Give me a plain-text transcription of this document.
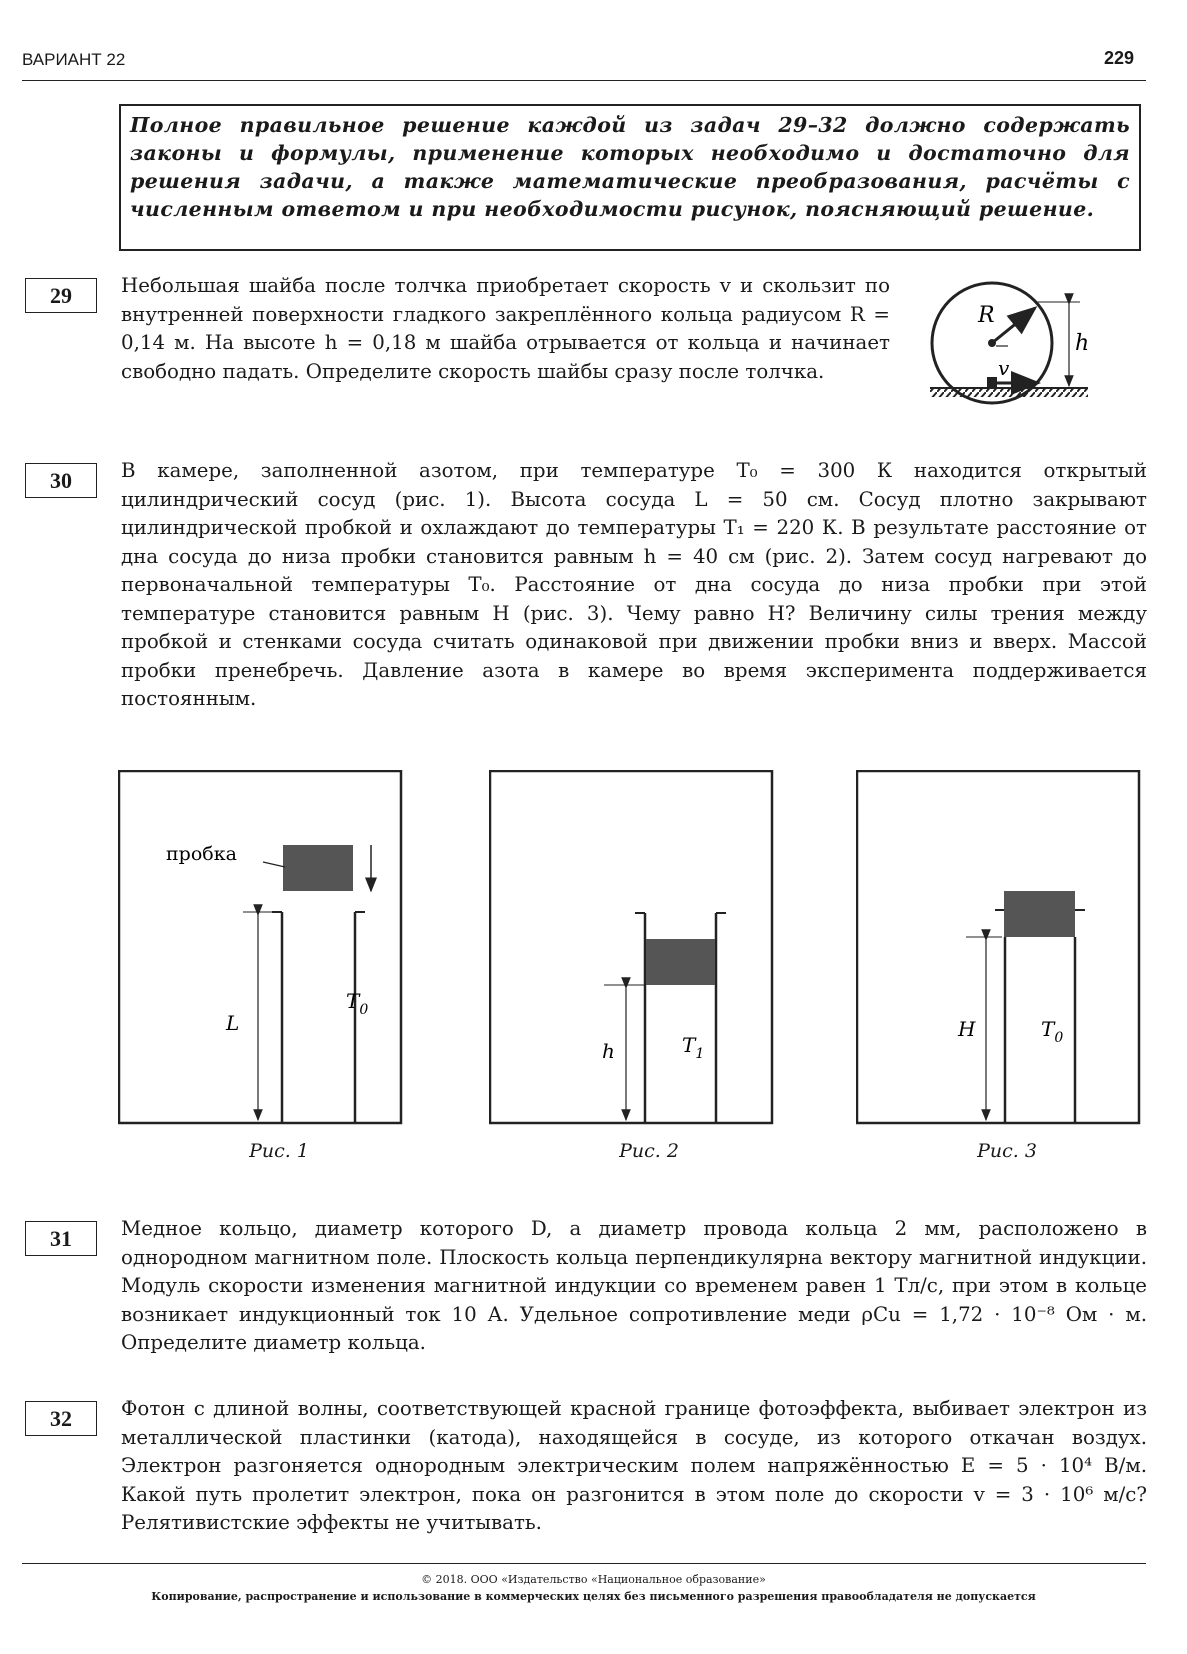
ВАРИАНТ 22	229
Полное правильное решение каждой из задач 29–32 должно содержать законы и формулы, применение которых необходимо и достаточно для решения задачи, а также математические преобразования, расчёты с численным ответом и при необходимости рисунок, поясняющий решение.
29	Небольшая шайба после толчка приобретает скорость v и скользит по внутренней поверхности гладкого закреплённого кольца радиусом R = 0,14 м. На высоте h = 0,18 м шайба отрывается от кольца и начинает свободно падать. Определите скорость шайбы сразу после толчка.
R
v
h
30	В камере, заполненной азотом, при температуре T₀ = 300 К находится открытый цилиндрический сосуд (рис. 1). Высота сосуда L = 50 см. Сосуд плотно закрывают цилиндрической пробкой и охлаждают до температуры T₁ = 220 К. В результате расстояние от дна сосуда до низа пробки становится равным h = 40 см (рис. 2). Затем сосуд нагревают до первоначальной температуры T₀. Расстояние от дна сосуда до низа пробки при этой температуре становится равным H (рис. 3). Чему равно H? Величину силы трения между пробкой и стенками сосуда считать одинаковой при движении пробки вниз и вверх. Массой пробки пренебречь. Давление азота в камере во время эксперимента поддерживается постоянным.
пробка
L
$T_0$
Рис. 1
h	$T_1$
Рис. 2
H	$T_0$
Рис. 3
31	Медное кольцо, диаметр которого D, а диаметр провода кольца 2 мм, расположено в однородном магнитном поле. Плоскость кольца перпендикулярна вектору магнитной индукции. Модуль скорости изменения магнитной индукции со временем равен 1 Тл/с, при этом в кольце возникает индукционный ток 10 А. Удельное сопротивление меди ρCu = 1,72 · 10⁻⁸ Ом · м. Определите диаметр кольца.
32	Фотон с длиной волны, соответствующей красной границе фотоэффекта, выбивает электрон из металлической пластинки (катода), находящейся в сосуде, из которого откачан воздух. Электрон разгоняется однородным электрическим полем напряжённостью E = 5 · 10⁴ В/м. Какой путь пролетит электрон, пока он разгонится в этом поле до скорости v = 3 · 10⁶ м/с? Релятивистские эффекты не учитывать.
© 2018. ООО «Издательство «Национальное образование»
Копирование, распространение и использование в коммерческих целях без письменного разрешения правообладателя не допускается
